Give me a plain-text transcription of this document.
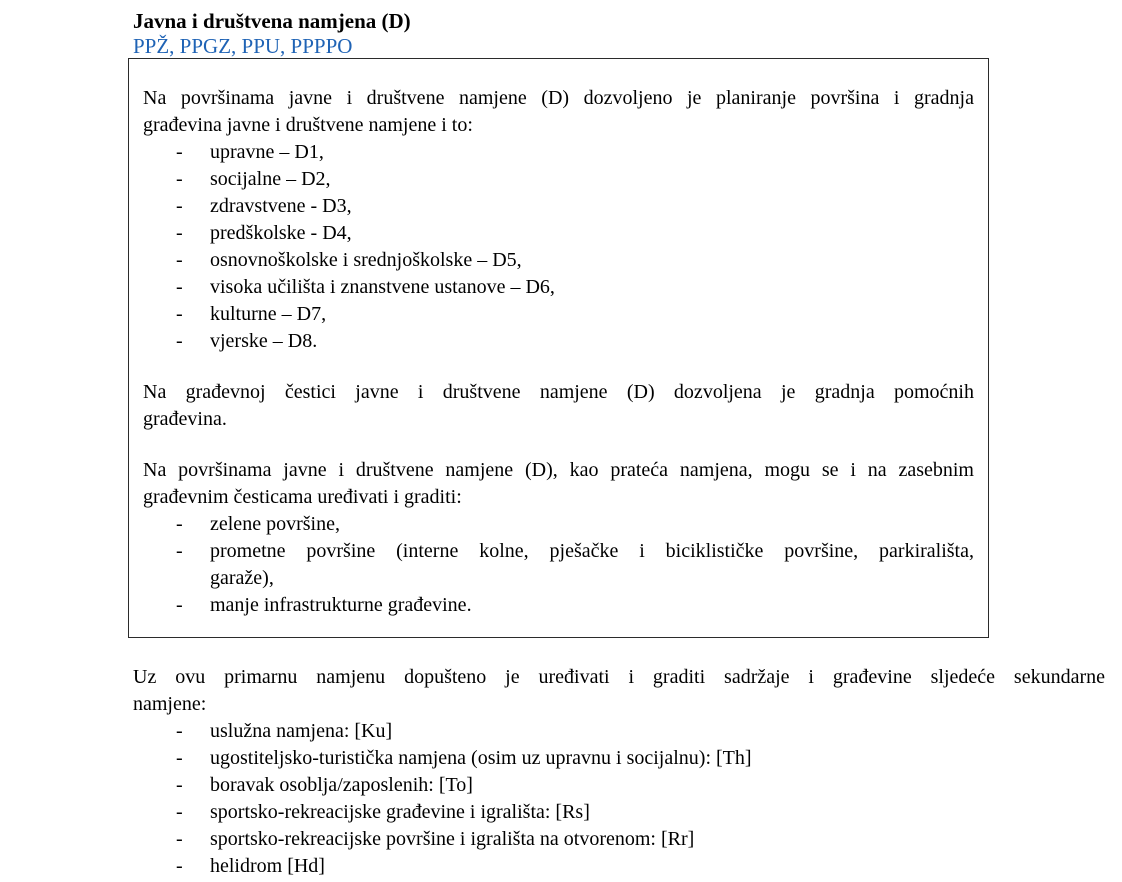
Javna i društvena namjena (D)
PPŽ, PPGZ, PPU, PPPPO

Na površinama javne i društvene namjene (D) dozvoljeno je planiranje površina i gradnja
građevina javne i društvene namjene i to:

-	upravne – D1,
-	socijalne – D2,
-	zdravstvene - D3,
-	predškolske - D4,
-	osnovnoškolske i srednjoškolske – D5,
-	visoka učilišta i znanstvene ustanove – D6,
-	kulturne – D7,
-	vjerske – D8.

Na građevnoj čestici javne i društvene namjene (D) dozvoljena je gradnja pomoćnih
građevina.

Na površinama javne i društvene namjene (D), kao prateća namjena, mogu se i na zasebnim
građevnim česticama uređivati i graditi:

-	zelene površine,
-	prometne površine (interne kolne, pješačke i biciklističke površine, parkirališta,
garaže),
-	manje infrastrukturne građevine.

Uz ovu primarnu namjenu dopušteno je uređivati i graditi sadržaje i građevine sljedeće sekundarne
namjene:

-	uslužna namjena: [Ku]
-	ugostiteljsko-turistička namjena (osim uz upravnu i socijalnu): [Th]
-	boravak osoblja/zaposlenih: [To]
-	sportsko-rekreacijske građevine i igrališta: [Rs]
-	sportsko-rekreacijske površine i igrališta na otvorenom: [Rr]
-	helidrom [Hd]
